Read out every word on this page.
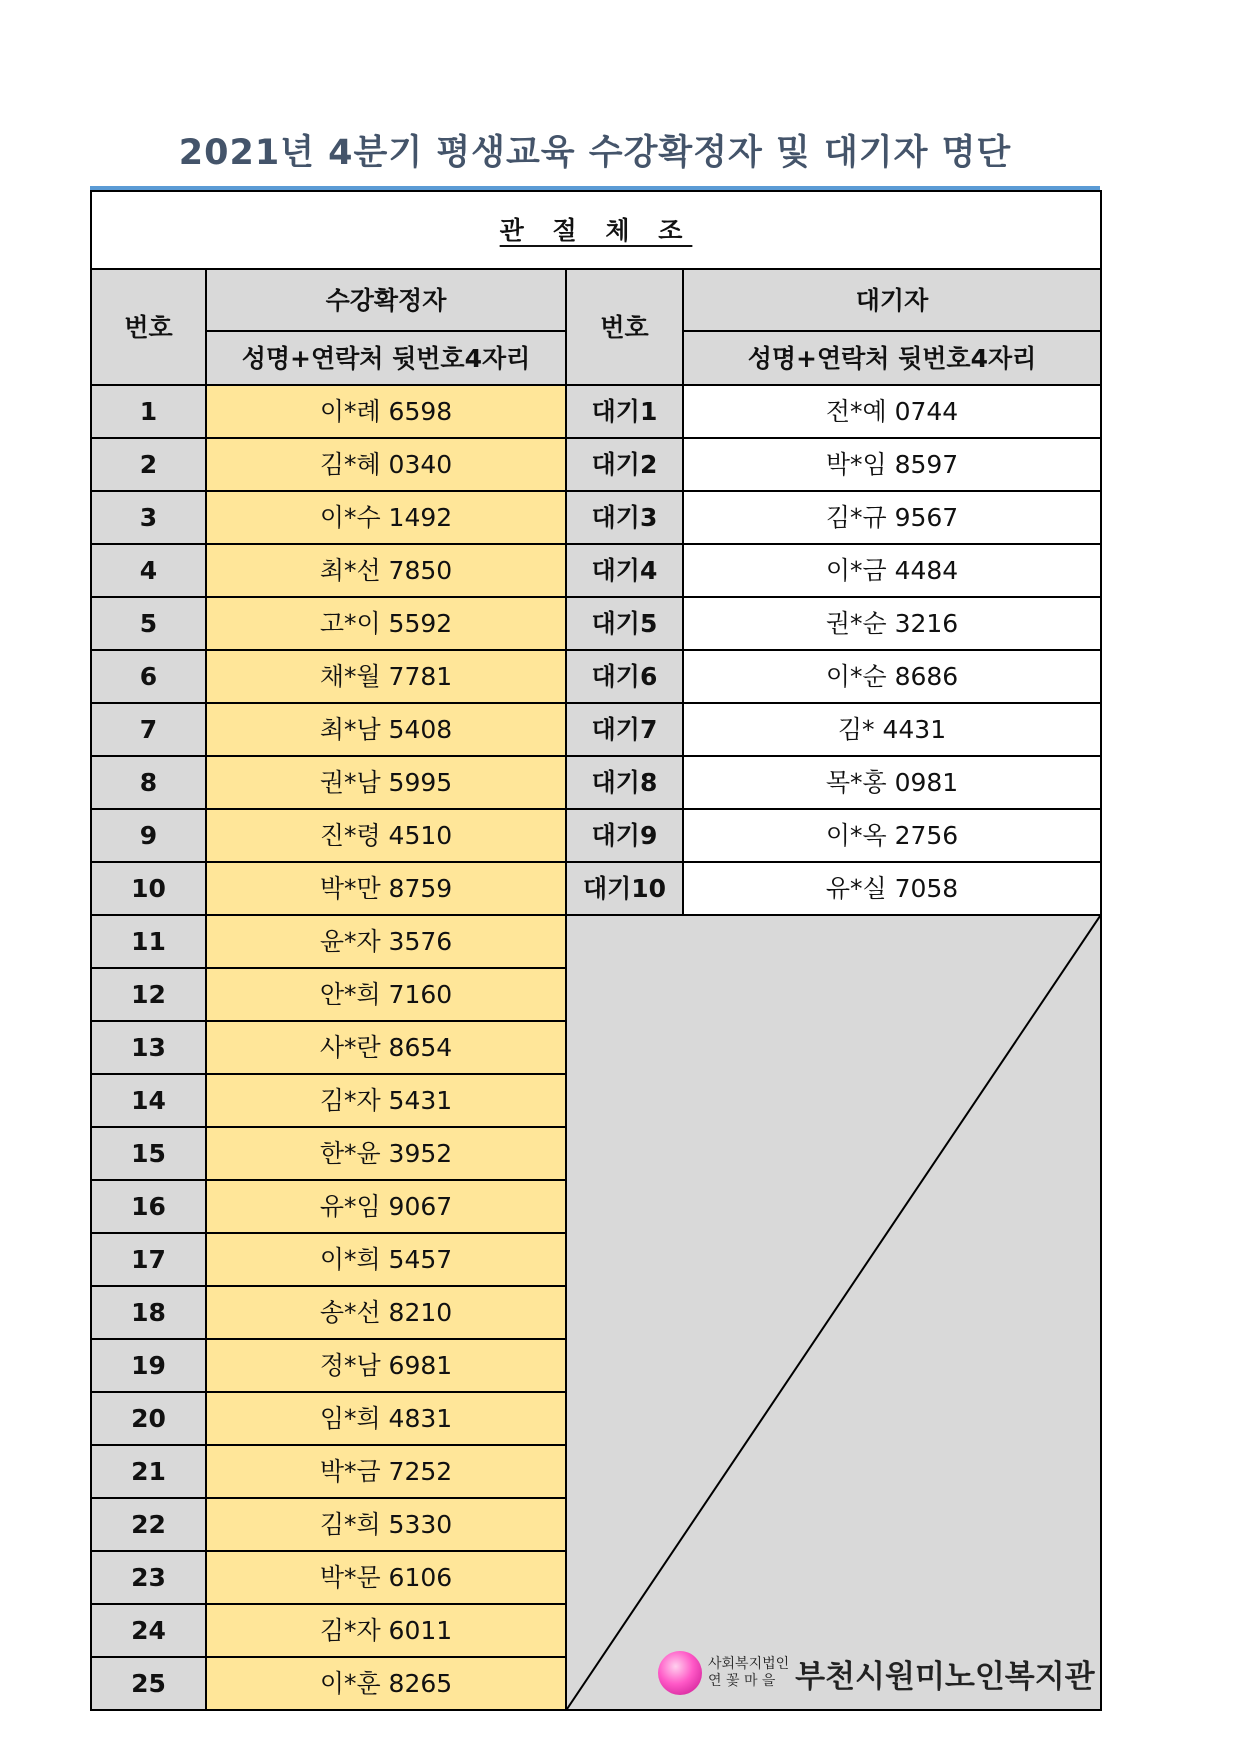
2021년 4분기 평생교육 수강확정자 및 대기자 명단
관 절 체 조			
번호	수강확정자	번호	대기자
	성명+연락처 뒷번호4자리		성명+연락처 뒷번호4자리
1	이*례 6598	대기1	전*예 0744
2	김*혜 0340	대기2	박*임 8597
3	이*수 1492	대기3	김*규 9567
4	최*선 7850	대기4	이*금 4484
5	고*이 5592	대기5	권*순 3216
6	채*월 7781	대기6	이*순 8686
7	최*남 5408	대기7	김* 4431
8	권*남 5995	대기8	목*홍 0981
9	진*령 4510	대기9	이*옥 2756
10	박*만 8759	대기10	유*실 7058
11	윤*자 3576	

12	안*희 7160		
13	사*란 8654		
14	김*자 5431		
15	한*윤 3952		
16	유*임 9067		
17	이*희 5457		
18	송*선 8210		
19	정*남 6981		
20	임*희 4831		
21	박*금 7252		
22	김*희 5330		
23	박*문 6106		
24	김*자 6011		
25	이*훈 8265		
사회복지법인
연 꽃 마 을 부천시원미노인복지관
